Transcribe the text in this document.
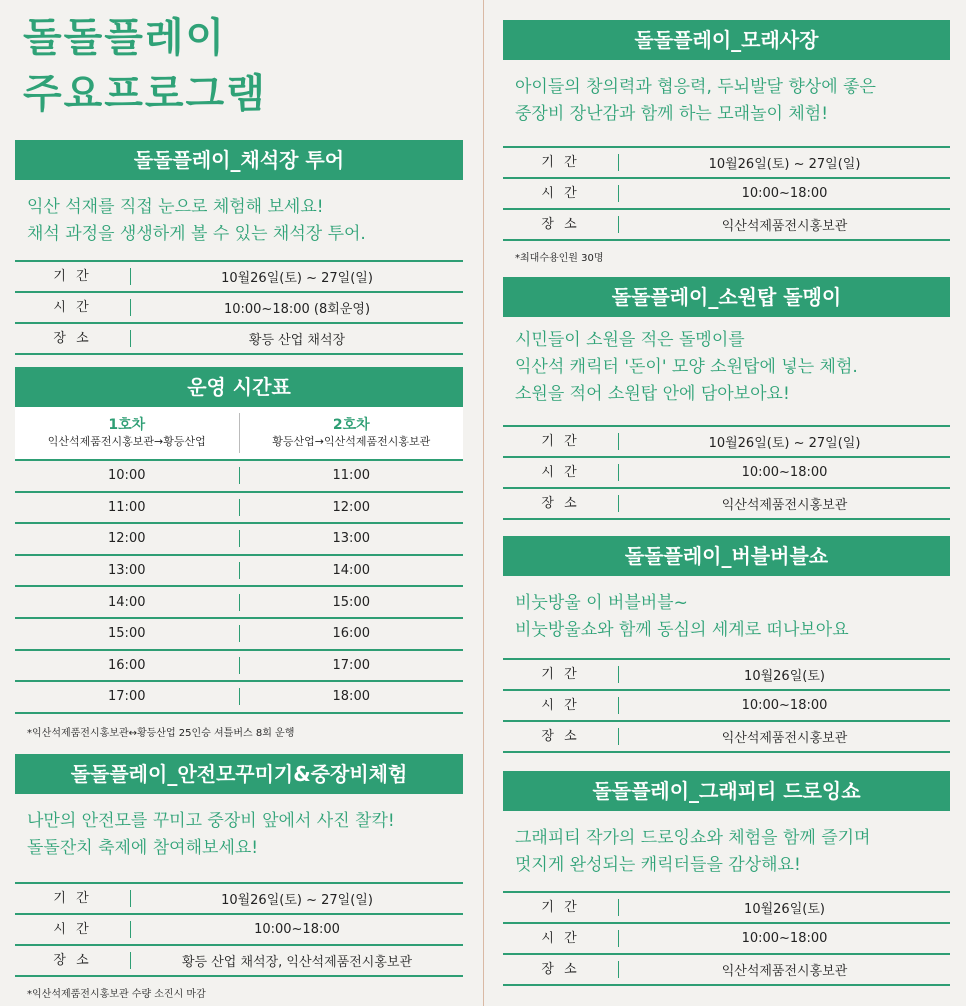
돌돌플레이
주요프로그램
돌돌플레이_채석장 투어
익산 석재를 직접 눈으로 체험해 보세요!
채석 과정을 생생하게 볼 수 있는 채석장 투어.
기 간	10월26일(토) ~ 27일(일)
시 간	10:00~18:00 (8회운영)
장 소	황등 산업 채석장
운영 시간표
1호차
익산석제품전시홍보관→황등산업
2호차
황등산업→익산석제품전시홍보관
10:00	11:00
11:00	12:00
12:00	13:00
13:00	14:00
14:00	15:00
15:00	16:00
16:00	17:00
17:00	18:00
*익산석제품전시홍보관↔황등산업 25인승 셔틀버스 8회 운행
돌돌플레이_안전모꾸미기&중장비체험
나만의 안전모를 꾸미고 중장비 앞에서 사진 찰칵!
돌돌잔치 축제에 참여해보세요!
기 간	10월26일(토) ~ 27일(일)
시 간	10:00~18:00
장 소	황등 산업 채석장, 익산석제품전시홍보관
*익산석제품전시홍보관 수량 소진시 마감
돌돌플레이_모래사장
아이들의 창의력과 협응력, 두뇌발달 향상에 좋은
중장비 장난감과 함께 하는 모래놀이 체험!
기 간	10월26일(토) ~ 27일(일)
시 간	10:00~18:00
장 소	익산석제품전시홍보관
*최대수용인원 30명
돌돌플레이_소원탑 돌멩이
시민들이 소원을 적은 돌멩이를
익산석 캐릭터 '돈이' 모양 소원탑에 넣는 체험.
소원을 적어 소원탑 안에 담아보아요!
기 간	10월26일(토) ~ 27일(일)
시 간	10:00~18:00
장 소	익산석제품전시홍보관
돌돌플레이_버블버블쇼
비눗방울 이 버블버블~
비눗방울쇼와 함께 동심의 세계로 떠나보아요
기 간	10월26일(토)
시 간	10:00~18:00
장 소	익산석제품전시홍보관
돌돌플레이_그래피티 드로잉쇼
그래피티 작가의 드로잉쇼와 체험을 함께 즐기며
멋지게 완성되는 캐릭터들을 감상해요!
기 간	10월26일(토)
시 간	10:00~18:00
장 소	익산석제품전시홍보관
